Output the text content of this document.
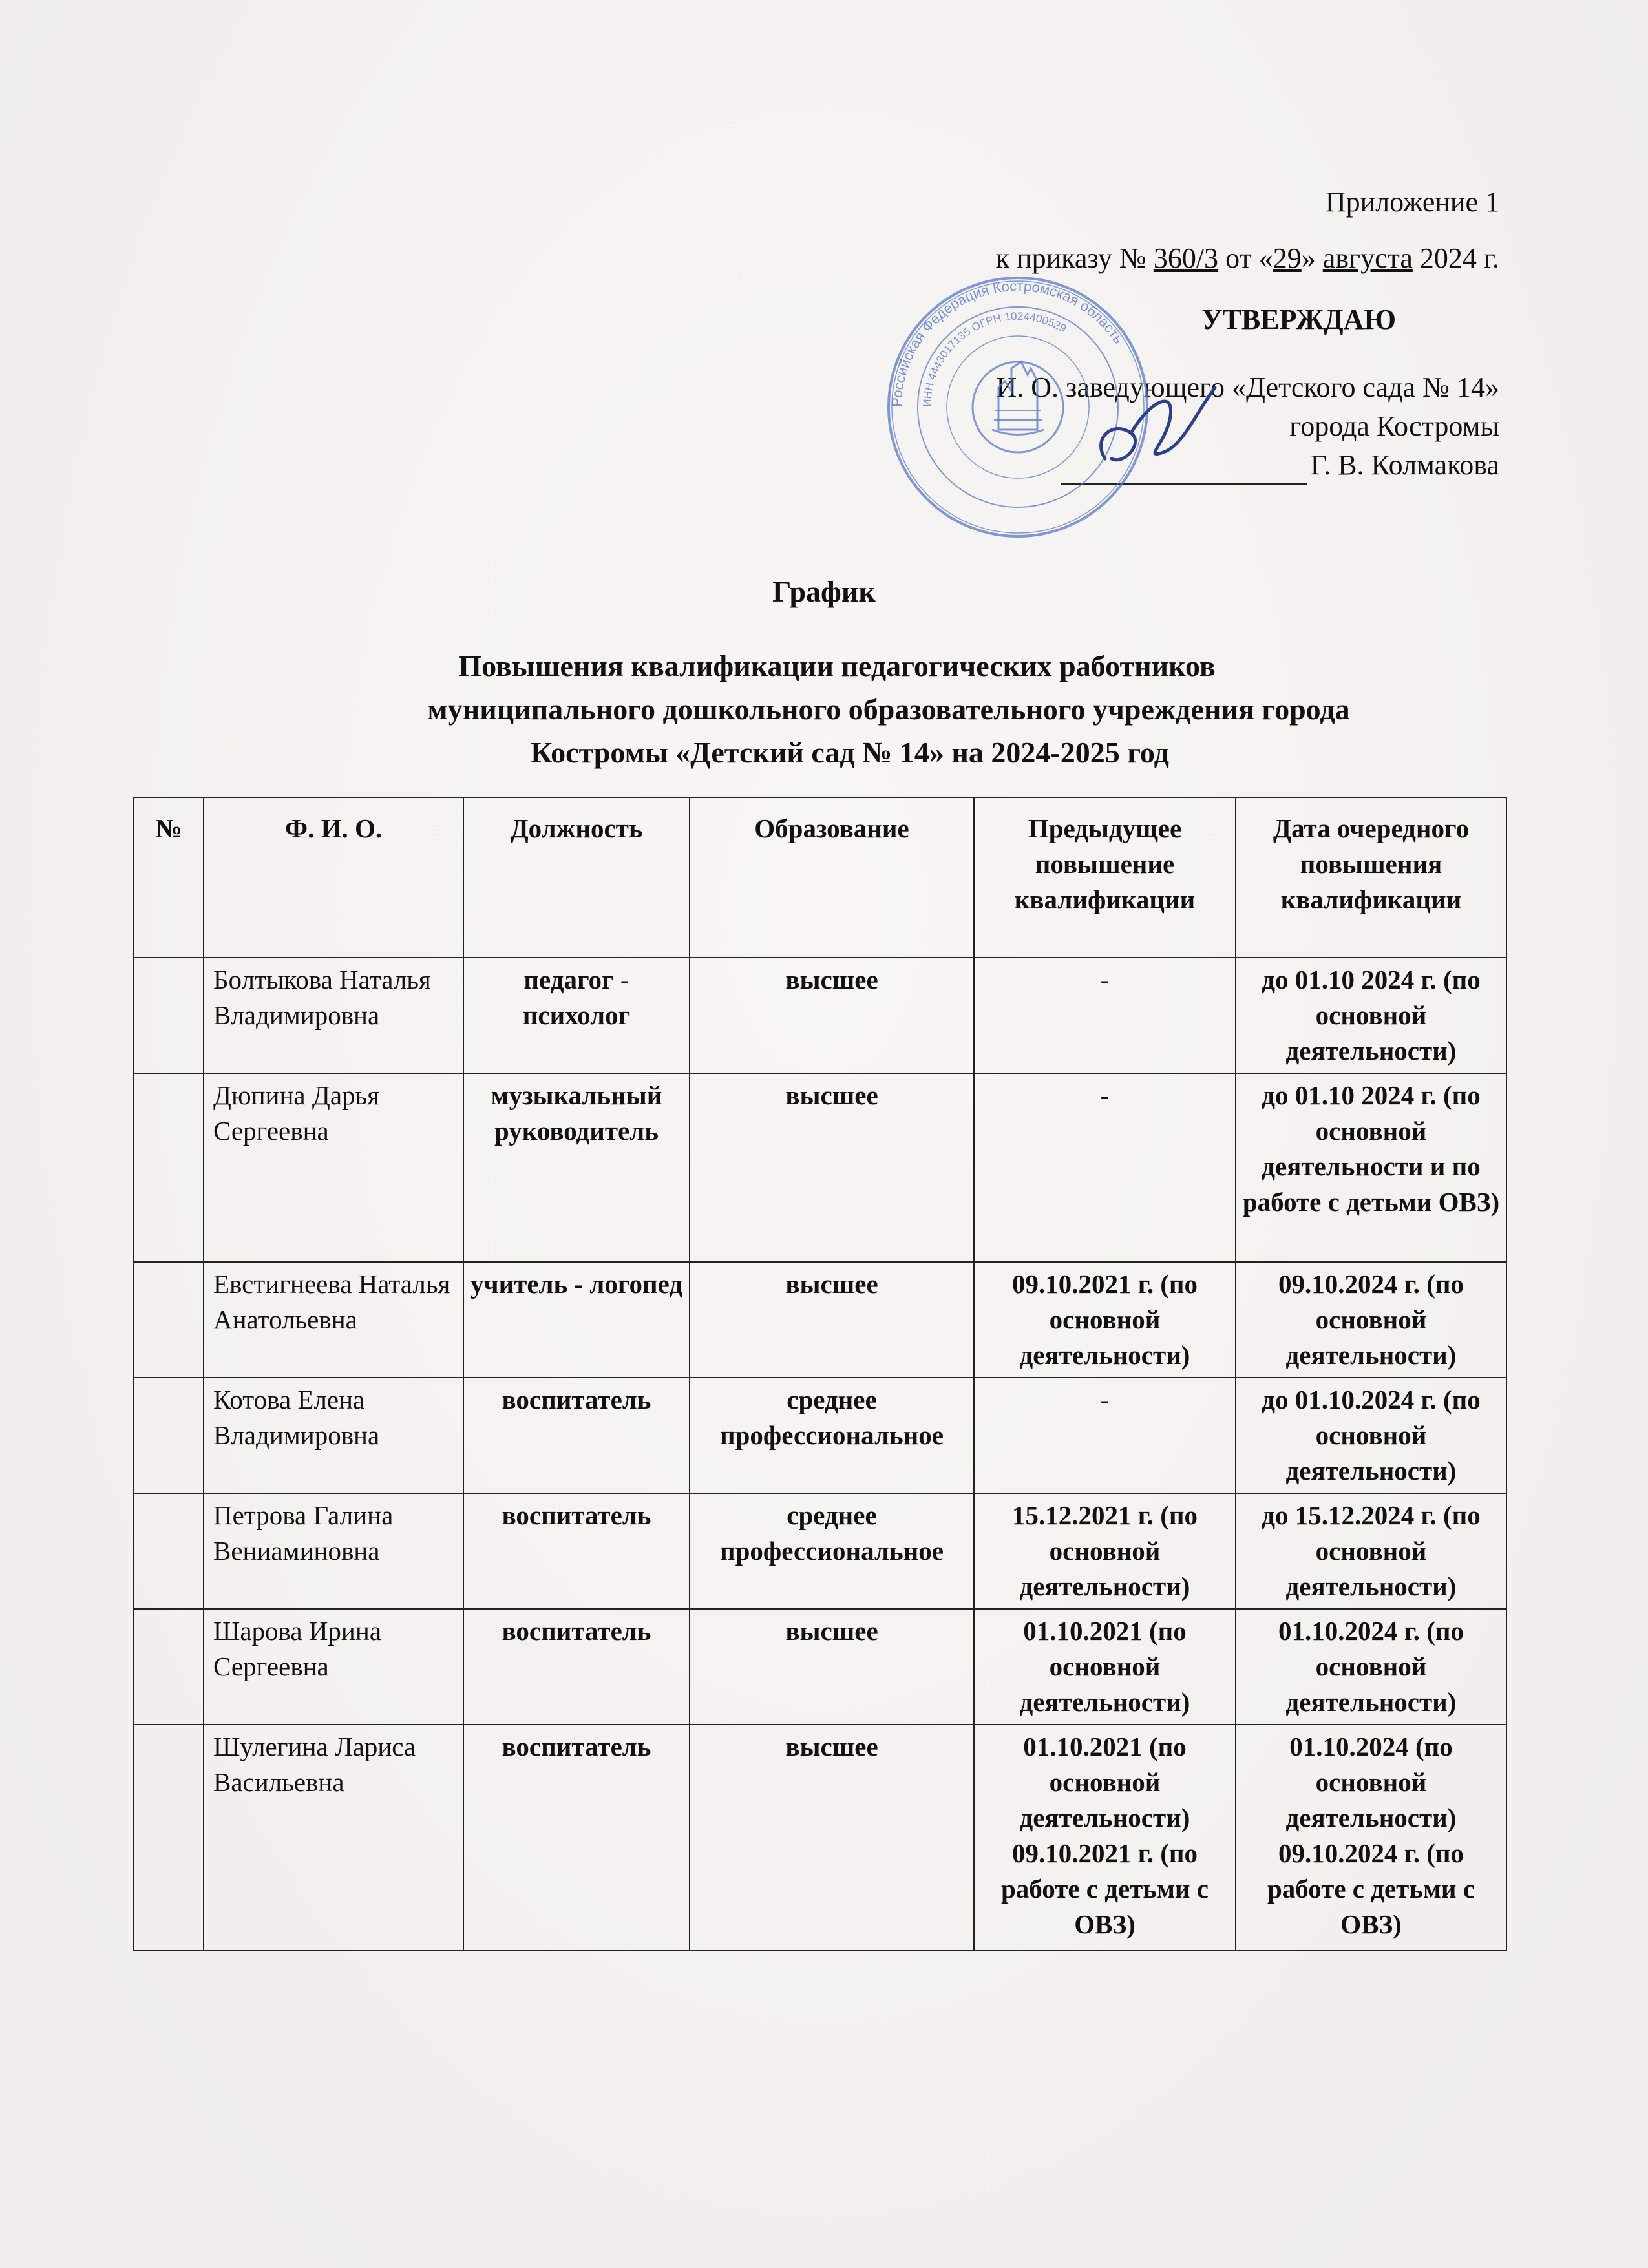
Приложение 1
к приказу № 360/3 от «29» августа 2024 г.
УТВЕРЖДАЮ
И. О. заведующего «Детского сада № 14»
города Костромы
Г. В. Колмакова
Российская Федерация Костромская область
ИНН 4443017135 ОГРН 1024400529
График
Повышения квалификации педагогических работников
муниципального дошкольного образовательного учреждения города
Костромы «Детский сад № 14» на 2024-2025 год
№	Ф. И. О.	Должность	Образование	Предыдущее повышение квалификации	Дата очередного повышения квалификации
	Болтыкова Наталья Владимировна	педагог - психолог	высшее	-	до 01.10 2024 г. (по основной деятельности)
	Дюпина Дарья Сергеевна	музыкальный руководитель	высшее	-	до 01.10 2024 г. (по основной деятельности и по работе с детьми ОВЗ)
	Евстигнеева Наталья Анатольевна	учитель - логопед	высшее	09.10.2021 г. (по основной деятельности)	09.10.2024 г. (по основной деятельности)
	Котова Елена Владимировна	воспитатель	среднее профессиональное	-	до 01.10.2024 г. (по основной деятельности)
	Петрова Галина Вениаминовна	воспитатель	среднее профессиональное	15.12.2021 г. (по основной деятельности)	до 15.12.2024 г. (по основной деятельности)
	Шарова Ирина Сергеевна	воспитатель	высшее	01.10.2021 (по основной деятельности)	01.10.2024 г. (по основной деятельности)
	Шулегина Лариса Васильевна	воспитатель	высшее	01.10.2021 (по основной деятельности) 09.10.2021 г. (по работе с детьми с ОВЗ)	01.10.2024 (по основной деятельности) 09.10.2024 г. (по работе с детьми с ОВЗ)
